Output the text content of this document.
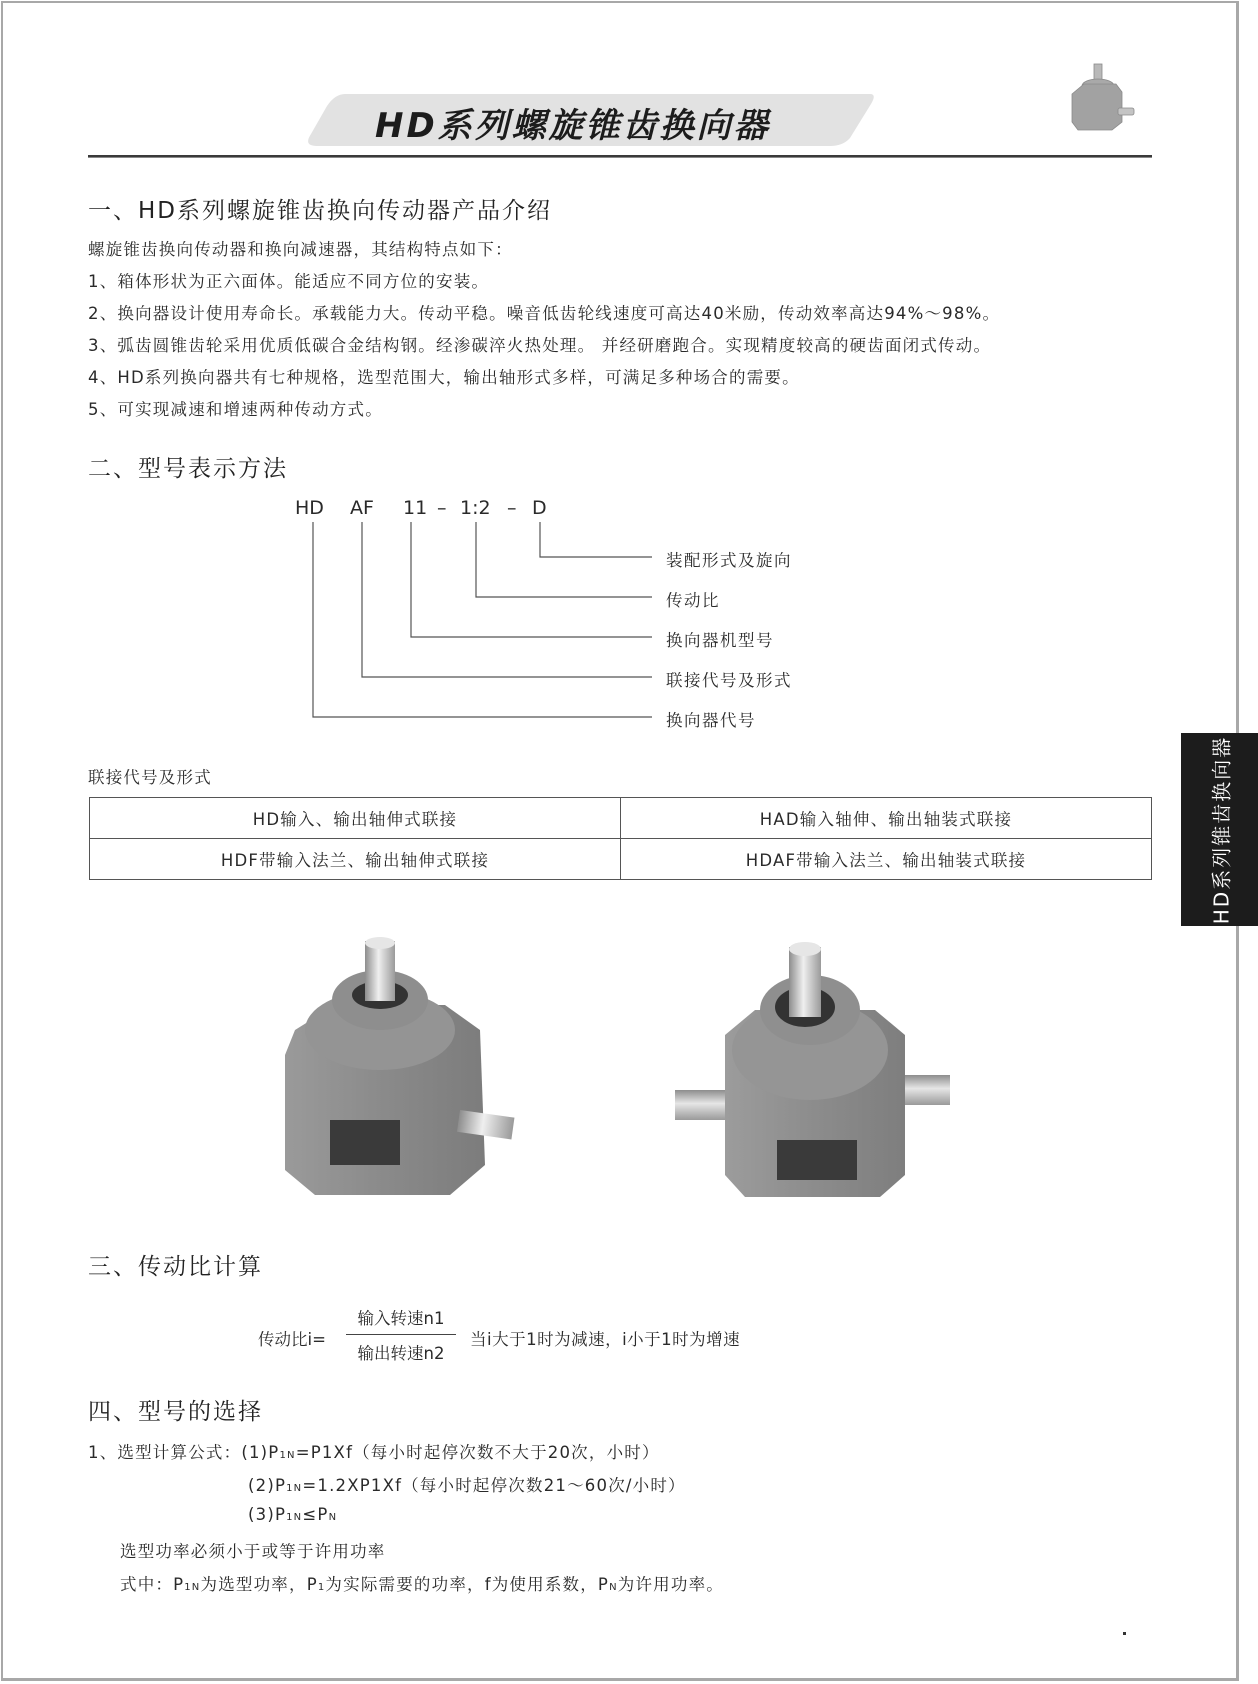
HD系列螺旋锥齿换向器
一、HD系列螺旋锥齿换向传动器产品介绍
螺旋锥齿换向传动器和换向减速器，其结构特点如下：
1、箱体形状为正六面体。能适应不同方位的安装。
2、换向器设计使用寿命长。承载能力大。传动平稳。噪音低齿轮线速度可高达40米励，传动效率高达94%～98%。
3、弧齿圆锥齿轮采用优质低碳合金结构钢。经渗碳淬火热处理。 并经研磨跑合。实现精度较高的硬齿面闭式传动。
4、HD系列换向器共有七种规格，选型范围大，输出轴形式多样，可满足多种场合的需要。
5、可实现减速和增速两种传动方式。
二、型号表示方法
HD AF 11 – 1:2 – D
装配形式及旋向
传动比
换向器机型号
联接代号及形式
换向器代号
联接代号及形式
HD输入、输出轴伸式联接	HAD输入轴伸、输出轴装式联接
HDF带输入法兰、输出轴伸式联接	HDAF带输入法兰、输出轴装式联接	HD系列锥齿换向器
三、传动比计算
传动比i=
输入转速n1
输出转速n2
当i大于1时为减速，i小于1时为增速
四、型号的选择
1、选型计算公式：(1)P1N=P1Xf（每小时起停次数不大于20次，小时）
(2)P1N=1.2XP1Xf（每小时起停次数21～60次/小时）
(3)P1N≤PN
选型功率必须小于或等于许用功率
式中：P1N为选型功率，P1为实际需要的功率，f为使用系数，PN为许用功率。
